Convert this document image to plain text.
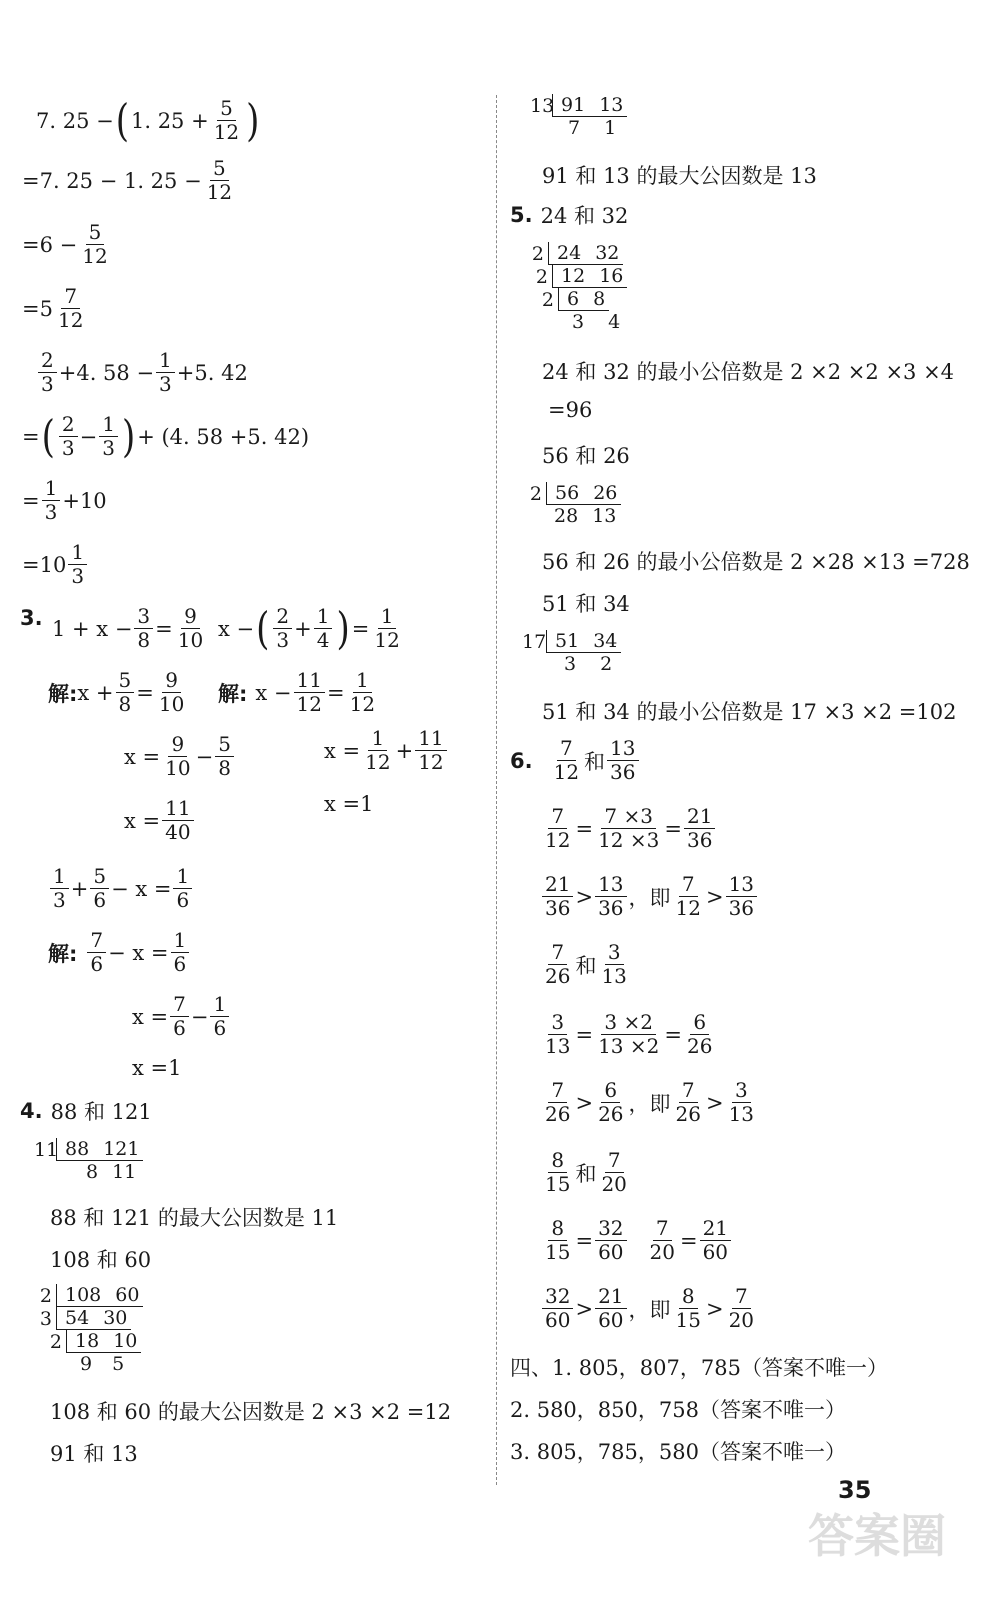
7. 25 − ( 1. $25 + \frac{5}{12}$ )
=7. 25 − 1. $25 - \frac{5}{12}$
$=6 - \frac{5}{12}$
$=5 \frac{7}{12}$
$\frac{2}{3} +4$. $58 - \frac{1}{3} +5$. 42
= ( $\frac{2}{3} - \frac{1}{3}$ ) + (4. 58 +5. 42)
= $\frac{1}{3} +10$
$=10 \frac{1}{3}$
3. $1 + x - \frac{3}{8} = \frac{9}{10}$ x − ( $\frac{2}{3} + \frac{1}{4}$ ) = $\frac{1}{12}$
解: $x + \frac{5}{8} = \frac{9}{10}$ 解: $x - \frac{11}{12} = \frac{1}{12}$
$x = \frac{9}{10} - \frac{5}{8}$	$x = \frac{1}{12} + \frac{11}{12}$
x =1
$x = \frac{11}{40}$
$\frac{1}{3} + \frac{5}{6} - x = \frac{1}{6}$
解: $\frac{7}{6} - x = \frac{1}{6}$
$x = \frac{7}{6} - \frac{1}{6}$
x =1
4. 88 和 121
11 88 121
8 11
88 和 121 的最大公因数是 11
108 和 60
2 108 60
3 54 30
2 18 10
9 5
108 和 60 的最大公因数是 2 ×3 ×2 =12
91 和 13
13 91 13
7 1
91 和 13 的最大公因数是 13
5. 24 和 32
2 24 32
2 12 16
2 6 8
3 4
24 和 32 的最小公倍数是 2 ×2 ×2 ×3 ×4
=96
56 和 26
2 56 26
28 13
56 和 26 的最小公倍数是 2 ×28 ×13 =728
51 和 34
17 51 34
3 2
51 和 34 的最小公倍数是 17 ×3 ×2 =102
6. $\frac{7}{12}$ 和 $\frac{13}{36}$
$\frac{7}{12} = \frac{7 \times 3}{12 \times 3} = \frac{21}{36}$
$\frac{21}{36} > \frac{13}{36}$ ，即 $\frac{7}{12} > \frac{13}{36}$
$\frac{7}{26}$ 和 $\frac{3}{13}$
$\frac{3}{13} = \frac{3 \times 2}{13 \times 2} = \frac{6}{26}$
$\frac{7}{26} > \frac{6}{26}$ ，即 $\frac{7}{26} > \frac{3}{13}$
$\frac{8}{15}$ 和 $\frac{7}{20}$
$\frac{8}{15} = \frac{32}{60} \frac{7}{20} = \frac{21}{60}$
$\frac{32}{60} > \frac{21}{60}$ ，即 $\frac{8}{15} > \frac{7}{20}$
四、1. 805，807，785（答案不唯一）
2. 580，850，758（答案不唯一）
3. 805，785，580（答案不唯一）
答案圈
35
